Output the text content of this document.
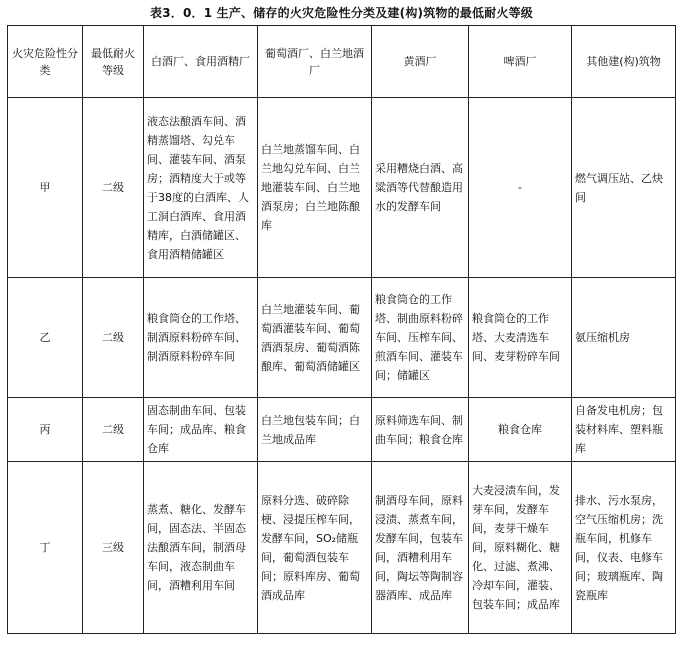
表3．0．1 生产、储存的火灾危险性分类及建(构)筑物的最低耐火等级
火灾危险性分类	最低耐火等级	白酒厂、食用酒精厂	葡萄酒厂、白兰地酒厂	黄酒厂	啤酒厂	其他建(构)筑物
甲	二级	液态法酿酒车间、酒精蒸馏塔、勾兑车间、灌装车间、酒泵房；酒精度大于或等于38度的白酒库、人工洞白酒库、食用酒精库，白酒储罐区、食用酒精储罐区	白兰地蒸馏车间、白兰地勾兑车间、白兰地灌装车间、白兰地酒泵房；白兰地陈酿库	采用糟烧白酒、高粱酒等代替酿造用水的发酵车间	-	燃气调压站、乙炔间
乙	二级	粮食筒仓的工作塔、制酒原料粉碎车间、制酒原料粉碎车间	白兰地灌装车间、葡萄酒灌装车间、葡萄酒酒泵房、葡萄酒陈酿库、葡萄酒储罐区	粮食筒仓的工作塔、制曲原料粉碎车间、压榨车间、煎酒车间、灌装车间；储罐区	粮食筒仓的工作塔、大麦清选车间、麦芽粉碎车间	氨压缩机房
丙	二级	固态制曲车间、包装车间；成品库、粮食仓库	白兰地包装车间；白兰地成品库	原料筛选车间、制曲车间；粮食仓库	粮食仓库	自备发电机房；包装材料库、塑料瓶库
丁	三级	蒸煮、糖化、发酵车间，固态法、半固态法酿酒车间，制酒母车间，液态制曲车间，酒糟利用车间	原料分选、破碎除梗、浸提压榨车间，发酵车间，SO₂储瓶间，葡萄酒包装车间；原料库房、葡萄酒成品库	制酒母车间，原料浸渍、蒸煮车间，发酵车间，包装车间，酒糟利用车间，陶坛等陶制容器酒库、成品库	大麦浸渍车间，发芽车间，发酵车间，麦芽干燥车间，原料糊化、糖化、过滤、煮沸、冷却车间，灌装、包装车间；成品库	排水、污水泵房，空气压缩机房；洗瓶车间，机修车间，仪表、电修车间；玻璃瓶库、陶瓷瓶库
